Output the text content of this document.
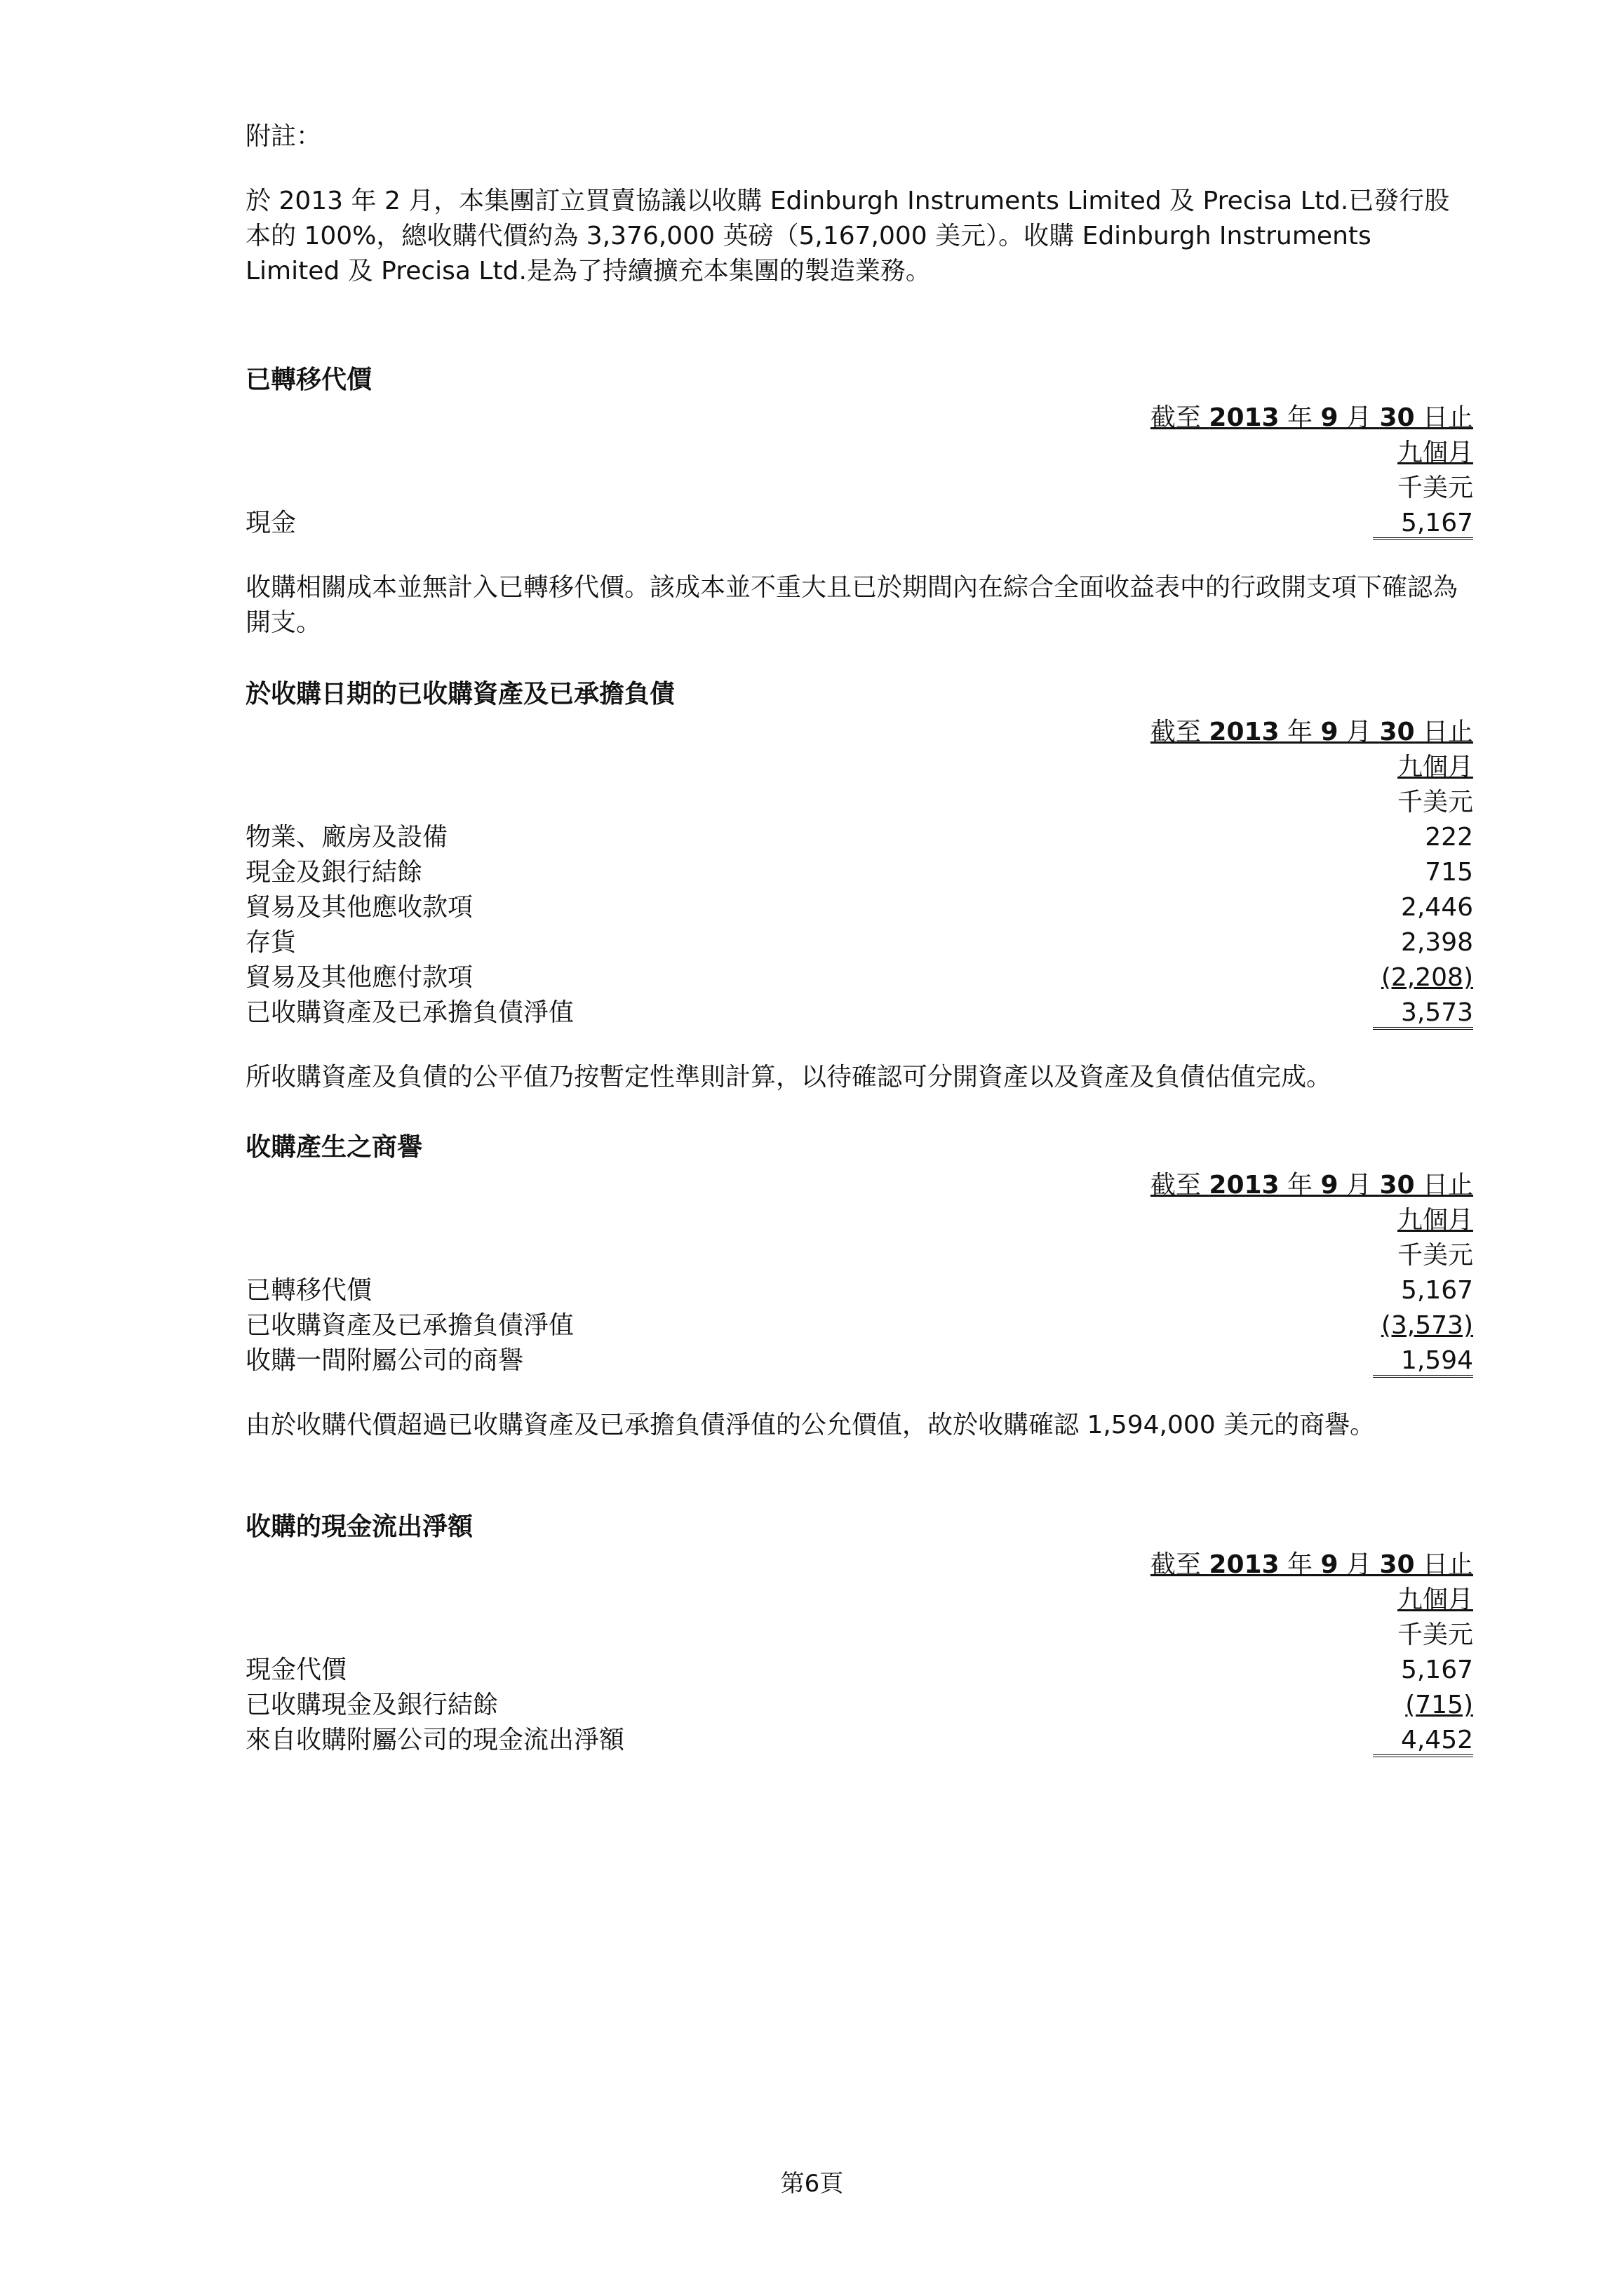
附註：

於 2013 年 2 月，本集團訂立買賣協議以收購 Edinburgh Instruments Limited 及 Precisa Ltd.已發行股本的 100%，總收購代價約為 3,376,000 英磅（5,167,000 美元）。收購 Edinburgh Instruments Limited 及 Precisa Ltd.是為了持續擴充本集團的製造業務。

已轉移代價

截至 2013 年 9 月 30 日止
九個月
千美元
現金	5,167

收購相關成本並無計入已轉移代價。該成本並不重大且已於期間內在綜合全面收益表中的行政開支項下確認為開支。

於收購日期的已收購資產及已承擔負債

截至 2013 年 9 月 30 日止
九個月
千美元
物業、廠房及設備	222
現金及銀行結餘	715
貿易及其他應收款項	2,446
存貨	2,398
貿易及其他應付款項	(2,208)
已收購資產及已承擔負債淨值	3,573

所收購資產及負債的公平值乃按暫定性準則計算，以待確認可分開資產以及資產及負債估值完成。

收購產生之商譽

截至 2013 年 9 月 30 日止
九個月
千美元
已轉移代價	5,167
已收購資產及已承擔負債淨值	(3,573)
收購一間附屬公司的商譽	1,594

由於收購代價超過已收購資產及已承擔負債淨值的公允價值，故於收購確認 1,594,000 美元的商譽。

收購的現金流出淨額

截至 2013 年 9 月 30 日止
九個月
千美元
現金代價	5,167
已收購現金及銀行結餘	(715)
來自收購附屬公司的現金流出淨額	4,452
第6頁
